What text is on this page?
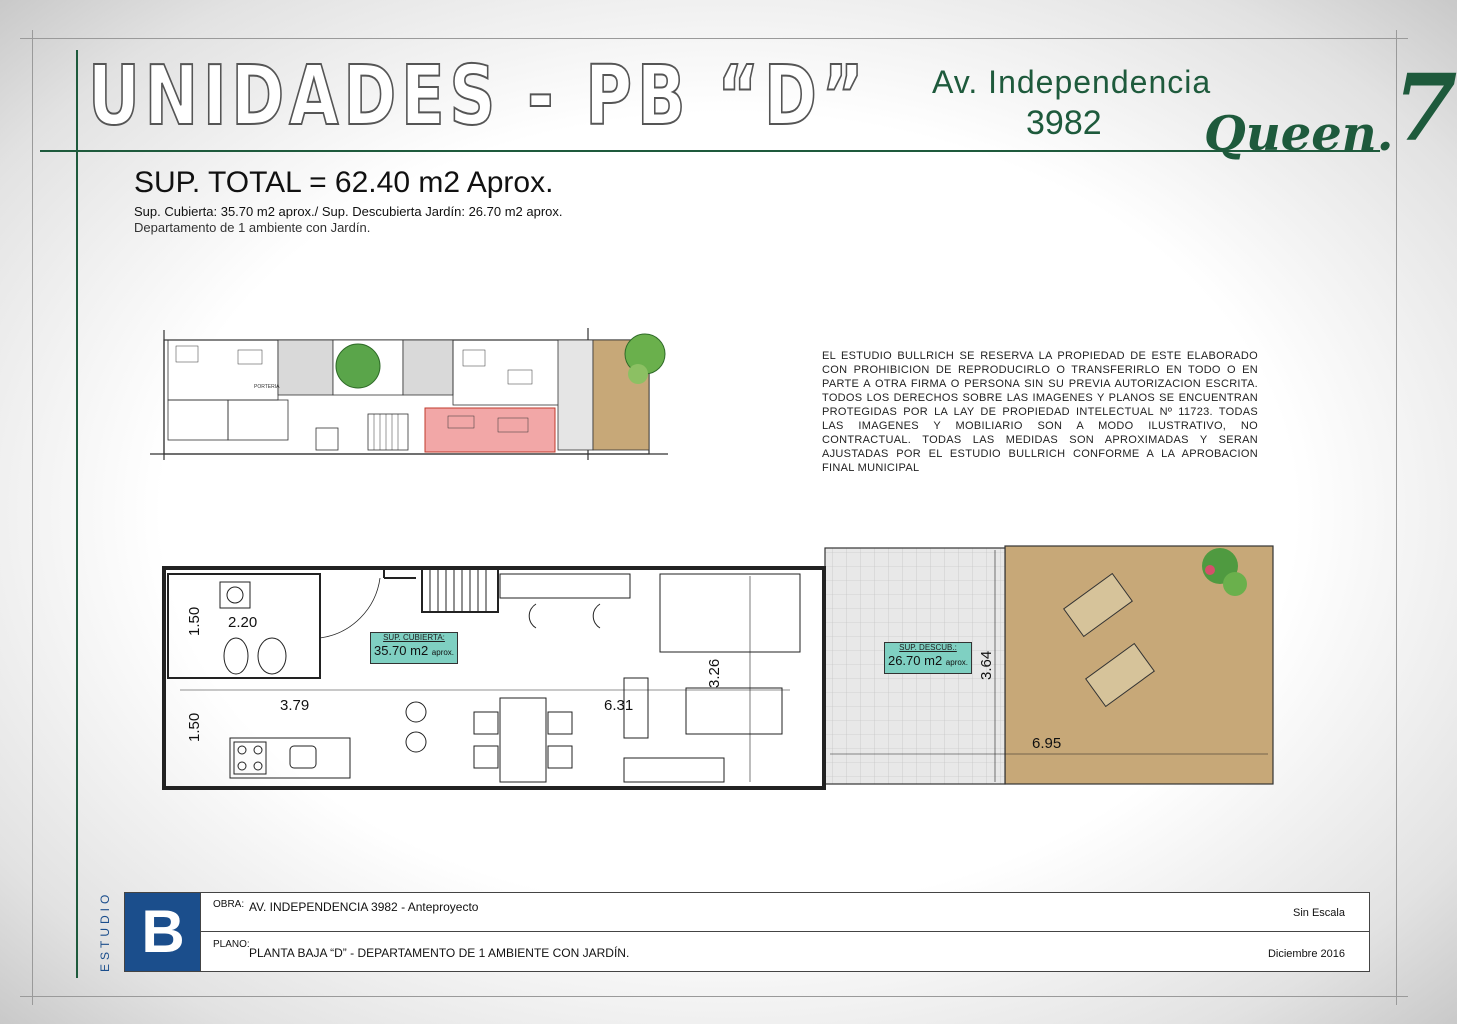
UNIDADES - PB “D” Av. Independencia
3982 Queen.7
SUP. TOTAL = 62.40 m2 Aprox.
Sup. Cubierta: 35.70 m2 aprox./ Sup. Descubierta Jardín: 26.70 m2 aprox.
Departamento de 1 ambiente con Jardín.
EL ESTUDIO BULLRICH SE RESERVA LA PROPIEDAD DE ESTE ELABORADO CON PROHIBICION DE REPRODUCIRLO O TRANSFERIRLO EN TODO O EN PARTE A OTRA FIRMA O PERSONA SIN SU PREVIA AUTORIZACION ESCRITA. TODOS LOS DERECHOS SOBRE LAS IMAGENES Y PLANOS SE ENCUENTRAN PROTEGIDAS POR LA LAY DE PROPIEDAD INTELECTUAL Nº 11723. TODAS LAS IMAGENES Y MOBILIARIO SON A MODO ILUSTRATIVO, NO CONTRACTUAL. TODAS LAS MEDIDAS SON APROXIMADAS Y SERAN AJUSTADAS POR EL ESTUDIO BULLRICH CONFORME A LA APROBACION FINAL MUNICIPAL
PORTERIA
2.20
1.50
1.50
3.79	6.31
3.26	3.64
6.95
SUP. CUBIERTA:
35.70 m2 aprox.
SUP. DESCUB.:
26.70 m2 aprox.
ESTUDIO B	OBRA: AV. INDEPENDENCIA 3982 - Anteproyecto	Sin Escala
PLANO:
PLANTA BAJA “D” - DEPARTAMENTO DE 1 AMBIENTE CON JARDÍN.	Diciembre 2016
